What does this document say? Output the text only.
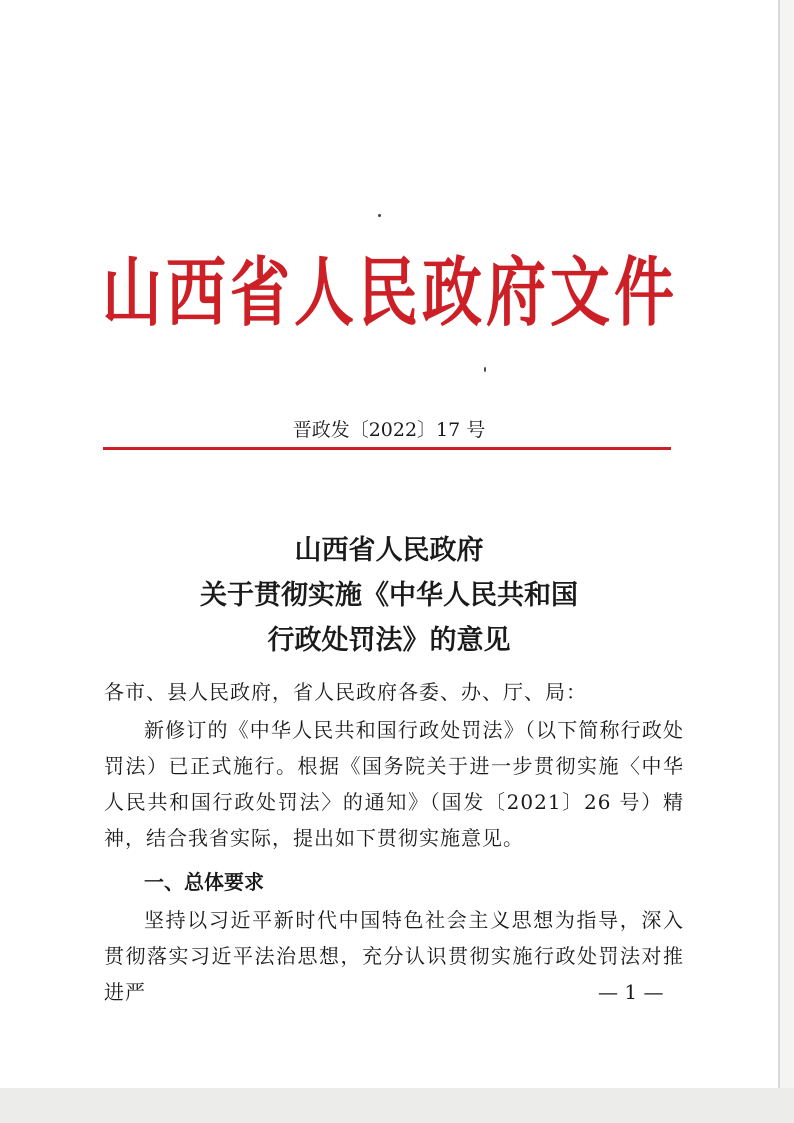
山西省人民政府文件
晋政发〔2022〕17 号
山西省人民政府
关于贯彻实施《中华人民共和国
行政处罚法》的意见
各市、县人民政府，省人民政府各委、办、厅、局：
新修订的《中华人民共和国行政处罚法》（以下简称行政处罚法）已正式施行。根据《国务院关于进一步贯彻实施〈中华人民共和国行政处罚法〉的通知》（国发〔2021〕26 号）精神，结合我省实际，提出如下贯彻实施意见。
一、总体要求
坚持以习近平新时代中国特色社会主义思想为指导，深入贯彻落实习近平法治思想，充分认识贯彻实施行政处罚法对推进严	— 1 —
